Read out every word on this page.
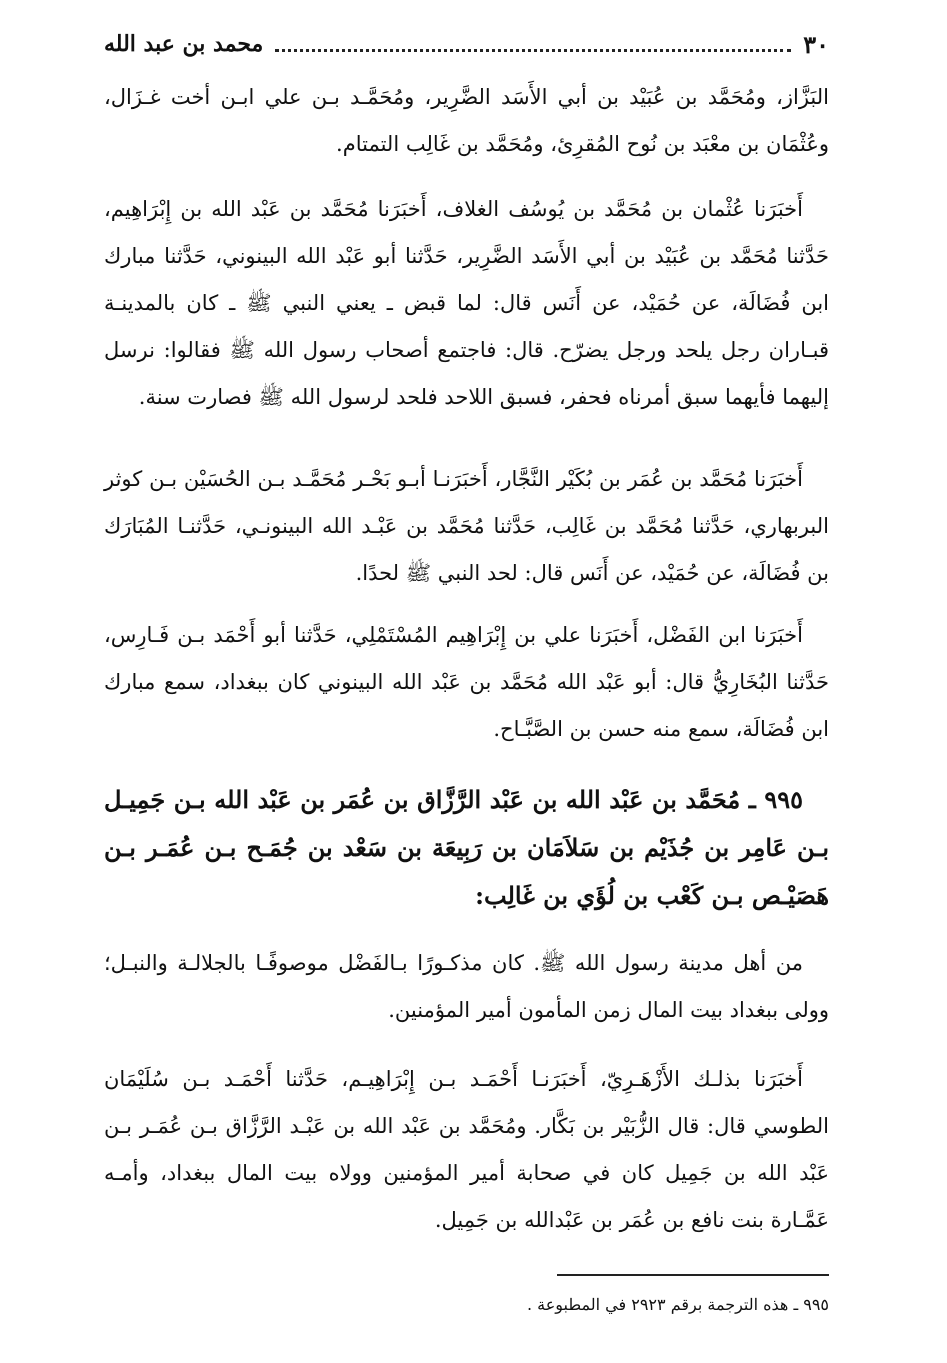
٣٠
محمد بن عبد الله

البَزَّاز، ومُحَمَّد بن عُبَيْد بن أبي الأَسَد الضَّرِير، ومُحَمَّـد بـن علي ابـن أخت غـزَال، وعُثْمَان بن معْبَد بن نُوح المُقرِئ، ومُحَمَّد بن غَالِب التمتام.

أَخبَرَنا عُثْمان بن مُحَمَّد بن يُوسُف الغلاف، أَخبَرَنا مُحَمَّد بن عَبْد الله بن إِبْرَاهِيم، حَدَّثنا مُحَمَّد بن عُبَيْد بن أبي الأَسَد الضَّرِير، حَدَّثنا أبو عَبْد الله البينوني، حَدَّثنا مبارك ابن فُضَالَة، عن حُمَيْد، عن أَنَس قال: لما قبض ـ يعني النبي ﷺ ـ كان بالمدينـة قبـاران رجل يلحد ورجل يضرّح. قال: فاجتمع أصحاب رسول الله ﷺ فقالوا: نرسل إليهما فأيهما سبق أمرناه فحفر، فسبق اللاحد فلحد لرسول الله ﷺ فصارت سنة.

أَخبَرَنا مُحَمَّد بن عُمَر بن بُكَيْر النَّجَّار، أَخبَرَنـا أبـو بَحْـر مُحَمَّـد بـن الحُسَيْن بـن كوثر البربهاري، حَدَّثنا مُحَمَّد بن غَالِب، حَدَّثنا مُحَمَّد بن عَبْـد الله البينونـي، حَدَّثنـا المُبَارَك بن فُضَالَة، عن حُمَيْد، عن أَنَس قال: لحد النبي ﷺ لحدًا.

أَخبَرَنا ابن الفَضْل، أَخبَرَنا علي بن إِبْرَاهِيم المُسْتَمْلِي، حَدَّثنا أبو أَحْمَد بـن فَـارِس، حَدَّثنا البُخَارِيُّ قال: أبو عَبْد الله مُحَمَّد بن عَبْد الله البينوني كان ببغداد، سمع مبارك ابن فُضَالَة، سمع منه حسن بن الصَّبَّـاح.

٩٩٥ ـ مُحَمَّد بن عَبْد الله بن عَبْد الرَّزَّاق بن عُمَر بن عَبْد الله بـن جَمِيـل بـن عَامِر بن جُذَيْم بن سَلاَمَان بن رَبِيعَة بن سَعْد بن جُمَـح بـن عُمَـر بـن هَصَيْـص بـن كَعْب بن لُؤَي بن غَالِب:

من أهل مدينة رسول الله ﷺ. كان مذكـورًا بـالفَضْل موصوفًـا بالجلالـة والنبـل؛ وولى ببغداد بيت المال زمن المأمون أمير المؤمنين.

أَخبَرَنا بذلـك الأَزْهَـرِيّ، أَخبَرَنـا أَحْمَـد بـن إِبْرَاهِيـم، حَدَّثنا أَحْمَـد بـن سُلَيْمَان الطوسي قال: قال الزُّبَيْر بن بَكَّار. ومُحَمَّد بن عَبْد الله بن عَبْـد الرَّزَّاق بـن عُمَـر بـن عَبْد الله بن جَمِيل كان في صحابة أمير المؤمنين وولاه بيت المال ببغداد، وأمـه عَمَّـارة بنت نافع بن عُمَر بن عَبْدالله بن جَمِيل.

٩٩٥ ـ هذه الترجمة برقم ٢٩٢٣ في المطبوعة .
